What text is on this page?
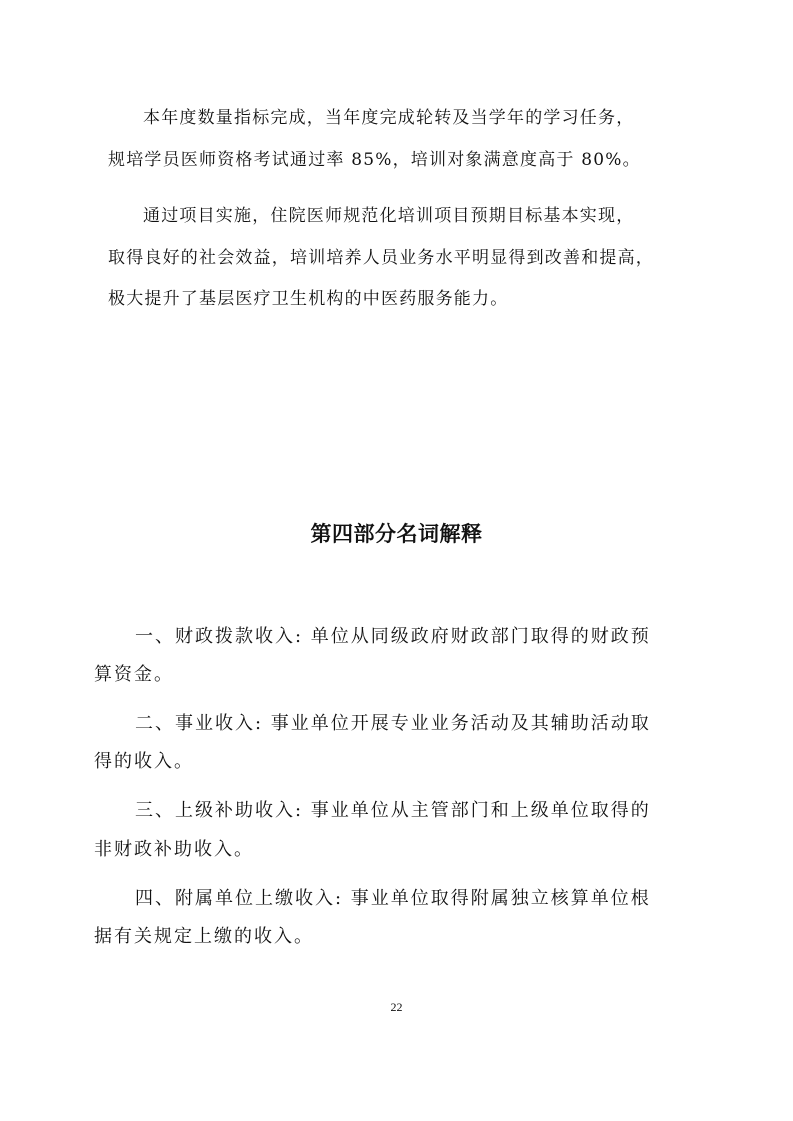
本年度数量指标完成，当年度完成轮转及当学年的学习任务，

规培学员医师资格考试通过率 85%，培训对象满意度高于 80%。

通过项目实施，住院医师规范化培训项目预期目标基本实现，

取得良好的社会效益，培训培养人员业务水平明显得到改善和提高，

极大提升了基层医疗卫生机构的中医药服务能力。

第四部分名词解释

一、财政拨款收入: 单位从同级政府财政部门取得的财政预

算资金。

二、事业收入: 事业单位开展专业业务活动及其辅助活动取

得的收入。

三、上级补助收入: 事业单位从主管部门和上级单位取得的

非财政补助收入。

四、附属单位上缴收入: 事业单位取得附属独立核算单位根

据有关规定上缴的收入。

22
